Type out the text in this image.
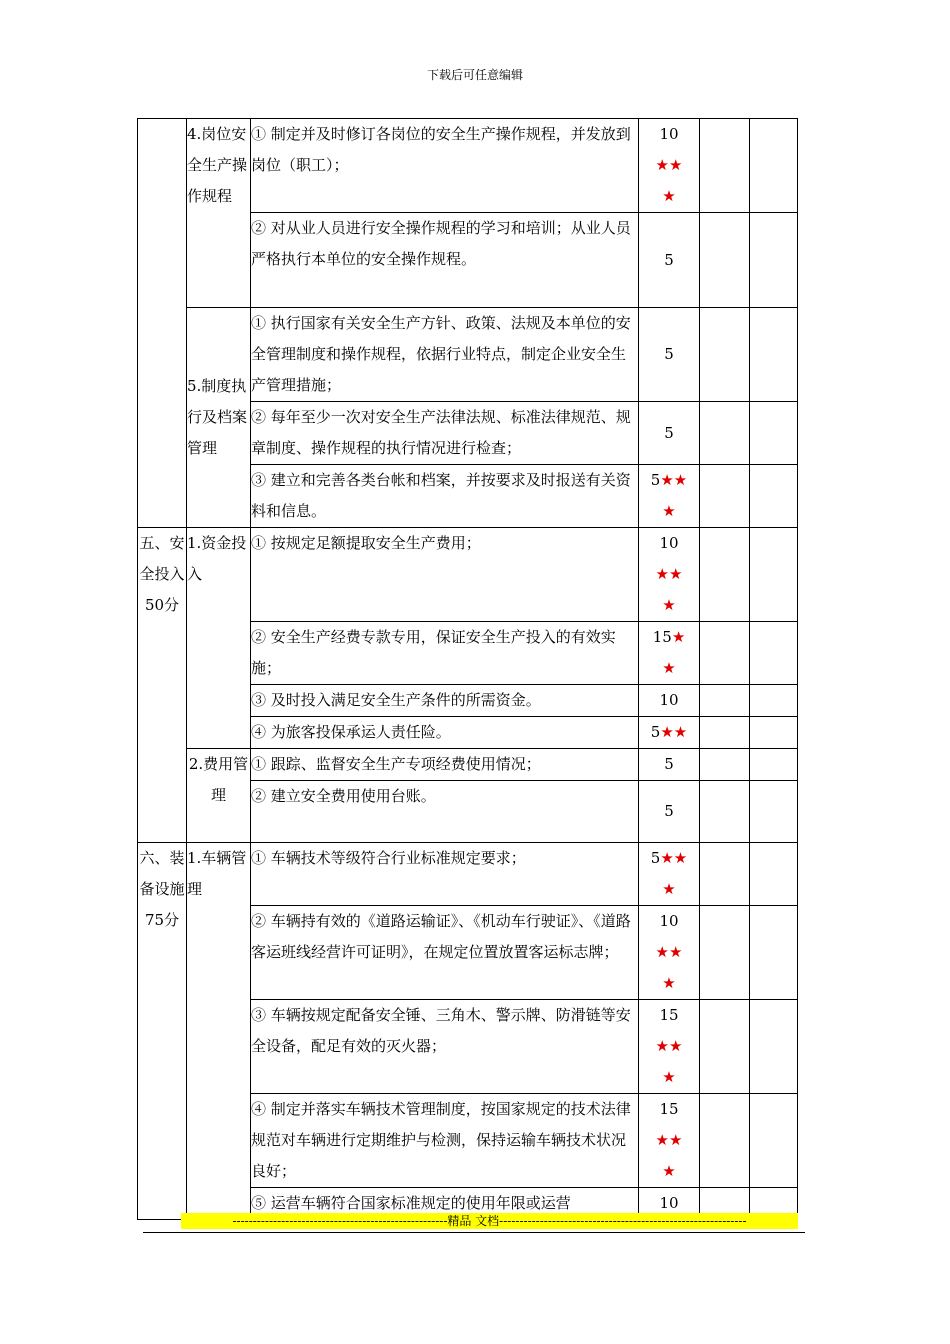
下载后可任意编辑
	4.岗位安全生产操作规程	① 制定并及时修订各岗位的安全生产操作规程，并发放到岗位（职工）；	10
★★
★		
		② 对从业人员进行安全操作规程的学习和培训；从业人员严格执行本单位的安全操作规程。	5		
	5.制度执行及档案管理	① 执行国家有关安全生产方针、政策、法规及本单位的安全管理制度和操作规程，依据行业特点，制定企业安全生产管理措施；	5		
		② 每年至少一次对安全生产法律法规、标准法律规范、规章制度、操作规程的执行情况进行检查；	5		
		③ 建立和完善各类台帐和档案，并按要求及时报送有关资料和信息。	5★★
★		
五、安全投入50分	1.资金投入	① 按规定足额提取安全生产费用；	10
★★
★		
		② 安全生产经费专款专用，保证安全生产投入的有效实施；	15★
★		
		③ 及时投入满足安全生产条件的所需资金。	10		
		④ 为旅客投保承运人责任险。	5★★		
	2.费用管理	① 跟踪、监督安全生产专项经费使用情况；	5		
		② 建立安全费用使用台账。	5		
六、装备设施75分	1.车辆管理	① 车辆技术等级符合行业标准规定要求；	5★★
★		
		② 车辆持有效的《道路运输证》、《机动车行驶证》、《道路客运班线经营许可证明》，在规定位置放置客运标志牌；	10
★★
★		
		③ 车辆按规定配备安全锤、三角木、警示牌、防滑链等安全设备，配足有效的灭火器；	15
★★
★		
		④ 制定并落实车辆技术管理制度，按国家规定的技术法律规范对车辆进行定期维护与检测，保持运输车辆技术状况良好；	15
★★
★		
		⑤ 运营车辆符合国家标准规定的使用年限或运营	10		
-----------------------------------------------------精品 文档-------------------------------------------------------------
